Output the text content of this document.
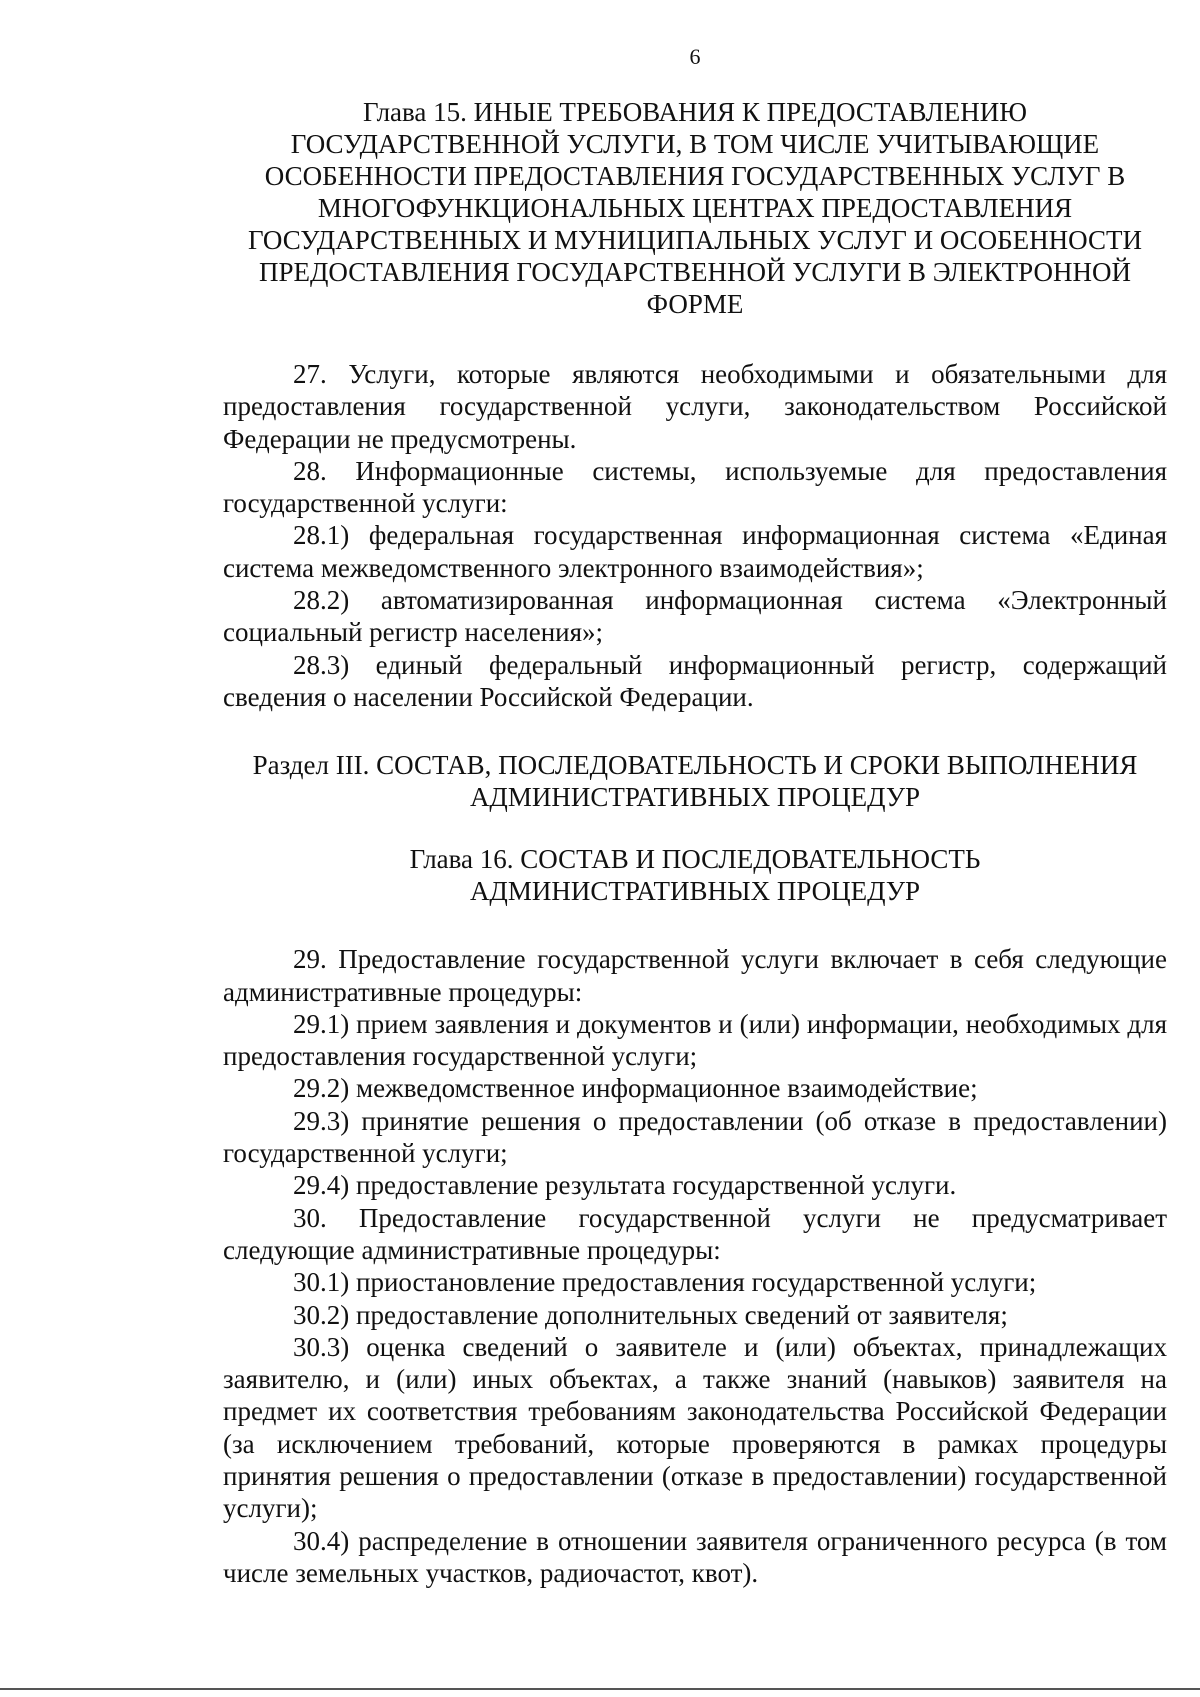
6
Глава 15. ИНЫЕ ТРЕБОВАНИЯ К ПРЕДОСТАВЛЕНИЮ
ГОСУДАРСТВЕННОЙ УСЛУГИ, В ТОМ ЧИСЛЕ УЧИТЫВАЮЩИЕ
ОСОБЕННОСТИ ПРЕДОСТАВЛЕНИЯ ГОСУДАРСТВЕННЫХ УСЛУГ В
МНОГОФУНКЦИОНАЛЬНЫХ ЦЕНТРАХ ПРЕДОСТАВЛЕНИЯ
ГОСУДАРСТВЕННЫХ И МУНИЦИПАЛЬНЫХ УСЛУГ И ОСОБЕННОСТИ
ПРЕДОСТАВЛЕНИЯ ГОСУДАРСТВЕННОЙ УСЛУГИ В ЭЛЕКТРОННОЙ
ФОРМЕ

27. Услуги, которые являются необходимыми и обязательными для предоставления государственной услуги, законодательством Российской Федерации не предусмотрены.

28. Информационные системы, используемые для предоставления государственной услуги:

28.1) федеральная государственная информационная система «Единая система межведомственного электронного взаимодействия»;

28.2) автоматизированная информационная система «Электронный социальный регистр населения»;

28.3) единый федеральный информационный регистр, содержащий сведения о населении Российской Федерации.

Раздел III. СОСТАВ, ПОСЛЕДОВАТЕЛЬНОСТЬ И СРОКИ ВЫПОЛНЕНИЯ
АДМИНИСТРАТИВНЫХ ПРОЦЕДУР
Глава 16. СОСТАВ И ПОСЛЕДОВАТЕЛЬНОСТЬ
АДМИНИСТРАТИВНЫХ ПРОЦЕДУР

29. Предоставление государственной услуги включает в себя следующие административные процедуры:

29.1) прием заявления и документов и (или) информации, необходимых для предоставления государственной услуги;

29.2) межведомственное информационное взаимодействие;

29.3) принятие решения о предоставлении (об отказе в предоставлении) государственной услуги;

29.4) предоставление результата государственной услуги.

30. Предоставление государственной услуги не предусматривает следующие административные процедуры:

30.1) приостановление предоставления государственной услуги;

30.2) предоставление дополнительных сведений от заявителя;

30.3) оценка сведений о заявителе и (или) объектах, принадлежащих заявителю, и (или) иных объектах, а также знаний (навыков) заявителя на предмет их соответствия требованиям законодательства Российской Федерации (за исключением требований, которые проверяются в рамках процедуры принятия решения о предоставлении (отказе в предоставлении) государственной услуги);

30.4) распределение в отношении заявителя ограниченного ресурса (в том числе земельных участков, радиочастот, квот).
